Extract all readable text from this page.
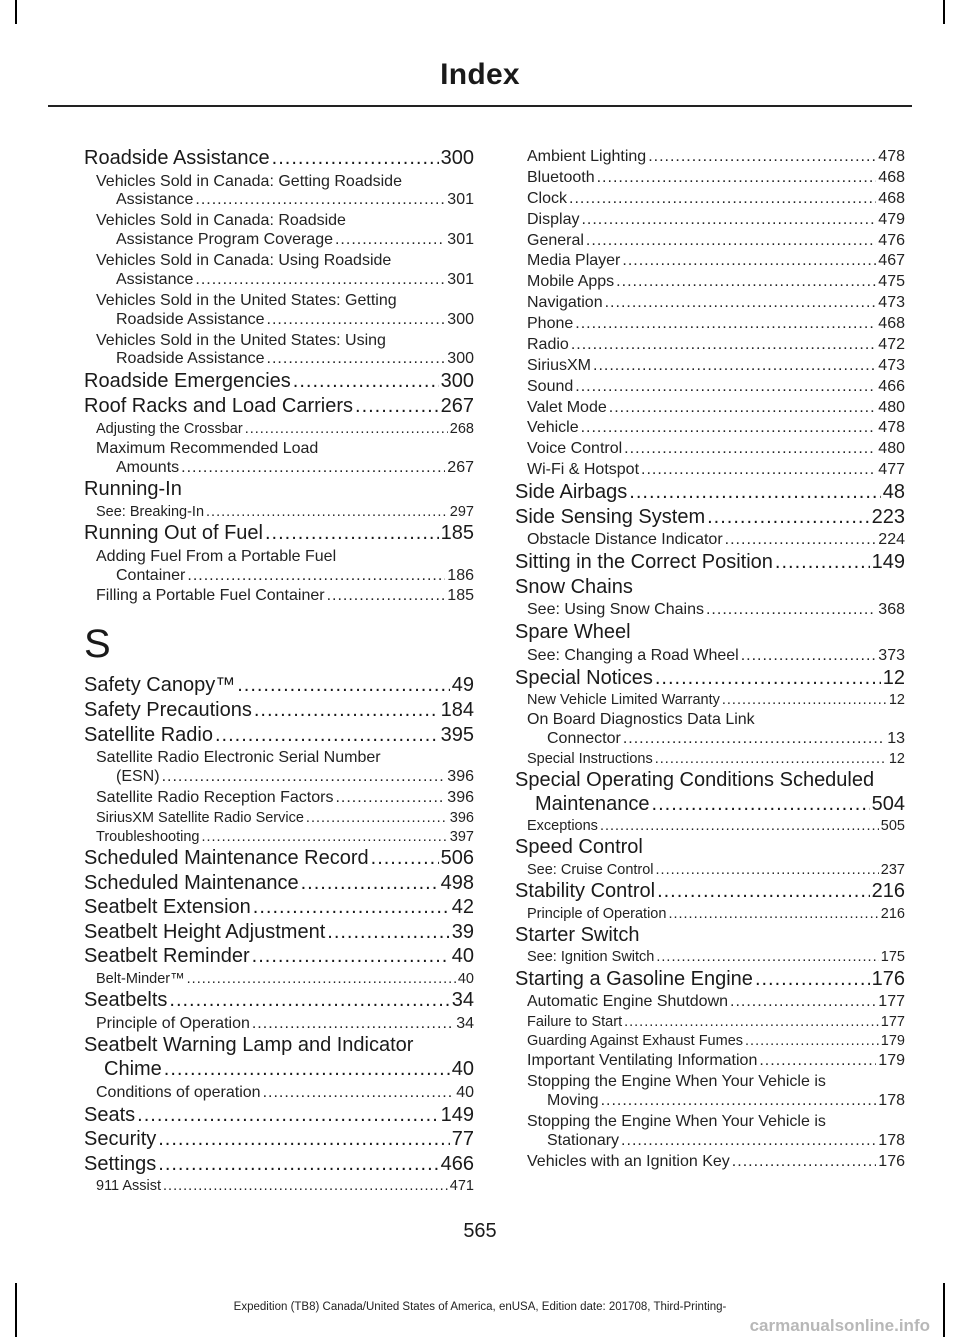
Index
Roadside Assistance .....	300
Vehicles Sold in Canada: Getting Roadside
Assistance .....	301
Vehicles Sold in Canada: Roadside
Assistance Program Coverage .....	301
Vehicles Sold in Canada: Using Roadside
Assistance .....	301
Vehicles Sold in the United States: Getting
Roadside Assistance .....	300
Vehicles Sold in the United States: Using
Roadside Assistance .....	300
Roadside Emergencies .....	300
Roof Racks and Load Carriers .....	267
Adjusting the Crossbar .....	268
Maximum Recommended Load
Amounts .....	267
Running-In
See: Breaking-In .....	297
Running Out of Fuel .....	185
Adding Fuel From a Portable Fuel
Container .....	186
Filling a Portable Fuel Container .....	185
S
Safety Canopy™ .....	49
Safety Precautions .....	184
Satellite Radio .....	395
Satellite Radio Electronic Serial Number
(ESN) .....	396
Satellite Radio Reception Factors .....	396
SiriusXM Satellite Radio Service .....	396
Troubleshooting .....	397
Scheduled Maintenance Record .....	506
Scheduled Maintenance .....	498
Seatbelt Extension .....	42
Seatbelt Height Adjustment .....	39
Seatbelt Reminder .....	40
Belt-Minder™ .....	40
Seatbelts .....	34
Principle of Operation .....	34
Seatbelt Warning Lamp and Indicator
Chime .....	40
Conditions of operation .....	40
Seats .....	149
Security .....	77
Settings .....	466
911 Assist .....	471
Ambient Lighting .....	478
Bluetooth .....	468
Clock .....	468
Display .....	479
General .....	476
Media Player .....	467
Mobile Apps .....	475
Navigation .....	473
Phone .....	468
Radio .....	472
SiriusXM .....	473
Sound .....	466
Valet Mode .....	480
Vehicle .....	478
Voice Control .....	480
Wi-Fi & Hotspot .....	477
Side Airbags .....	48
Side Sensing System .....	223
Obstacle Distance Indicator .....	224
Sitting in the Correct Position .....	149
Snow Chains
See: Using Snow Chains .....	368
Spare Wheel
See: Changing a Road Wheel .....	373
Special Notices .....	12
New Vehicle Limited Warranty .....	12
On Board Diagnostics Data Link
Connector .....	13
Special Instructions .....	12
Special Operating Conditions Scheduled
Maintenance .....	504
Exceptions .....	505
Speed Control
See: Cruise Control .....	237
Stability Control .....	216
Principle of Operation .....	216
Starter Switch
See: Ignition Switch .....	175
Starting a Gasoline Engine .....	176
Automatic Engine Shutdown .....	177
Failure to Start .....	177
Guarding Against Exhaust Fumes .....	179
Important Ventilating Information .....	179
Stopping the Engine When Your Vehicle is
Moving .....	178
Stopping the Engine When Your Vehicle is
Stationary .....	178
Vehicles with an Ignition Key .....	176
565
Expedition (TB8) Canada/United States of America, enUSA, Edition date: 201708, Third-Printing-
carmanualsonline.info
